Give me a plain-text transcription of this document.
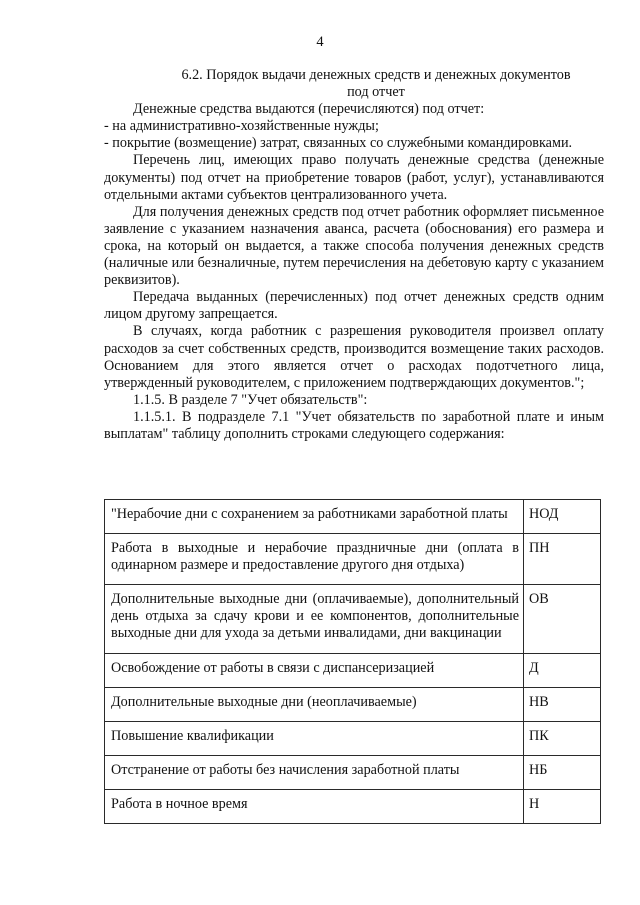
4

6.2. Порядок выдачи денежных средств и денежных документов
под отчет

Денежные средства выдаются (перечисляются) под отчет:

- на административно-хозяйственные нужды;

- покрытие (возмещение) затрат, связанных со служебными командировками.

Перечень лиц, имеющих право получать денежные средства (денежные документы) под отчет на приобретение товаров (работ, услуг), устанавливаются отдельными актами субъектов централизованного учета.

Для получения денежных средств под отчет работник оформляет письменное заявление с указанием назначения аванса, расчета (обоснования) его размера и срока, на который он выдается, а также способа получения денежных средств (наличные или безналичные, путем перечисления на дебетовую карту с указанием реквизитов).

Передача выданных (перечисленных) под отчет денежных средств одним лицом другому запрещается.

В случаях, когда работник с разрешения руководителя произвел оплату расходов за счет собственных средств, производится возмещение таких расходов. Основанием для этого является отчет о расходах подотчетного лица, утвержденный руководителем, с приложением подтверждающих документов.";

1.1.5. В разделе 7 "Учет обязательств":

1.1.5.1. В подразделе 7.1 "Учет обязательств по заработной плате и иным выплатам" таблицу дополнить строками следующего содержания:

"Нерабочие дни с сохранением за работниками заработной платы	НОД
Работа в выходные и нерабочие праздничные дни (оплата в одинарном размере и предоставление другого дня отдыха)	ПН
Дополнительные выходные дни (оплачиваемые), дополнительный день отдыха за сдачу крови и ее компонентов, дополнительные выходные дни для ухода за детьми инвалидами, дни вакцинации	ОВ
Освобождение от работы в связи с диспансеризацией	Д
Дополнительные выходные дни (неоплачиваемые)	НВ
Повышение квалификации	ПК
Отстранение от работы без начисления заработной платы	НБ
Работа в ночное время	Н
